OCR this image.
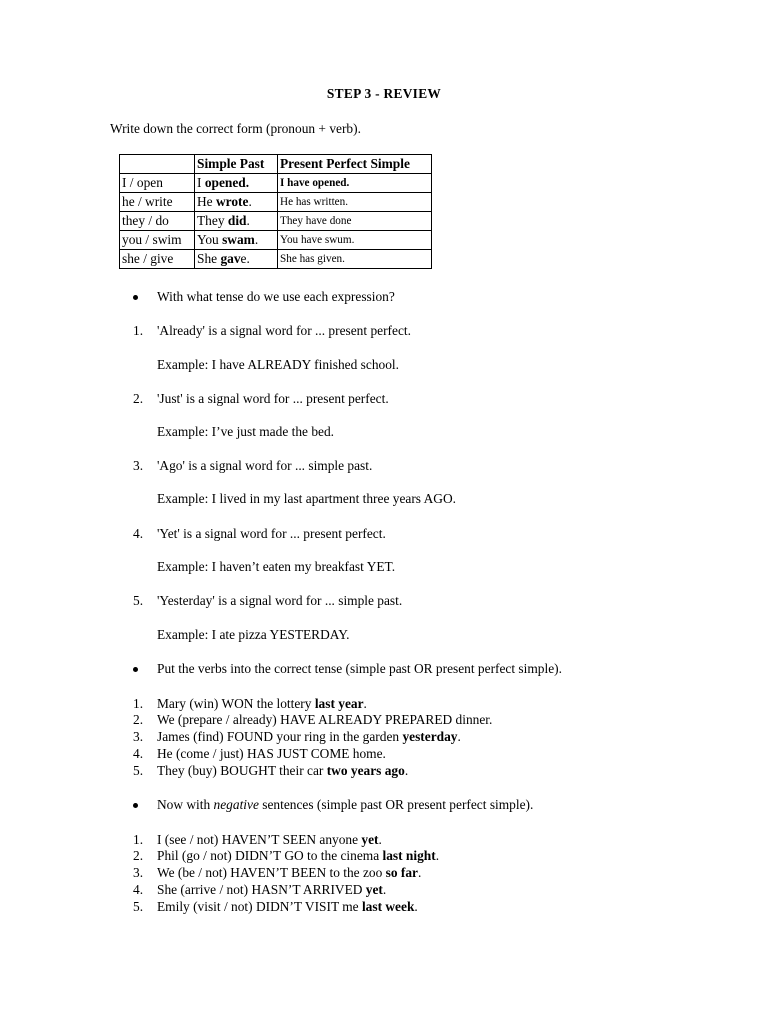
STEP 3 - REVIEW
Write down the correct form (pronoun + verb).
	Simple Past	Present Perfect Simple
I / open	I opened.	I have opened.
he / write	He wrote.	He has written.
they / do	They did.	They have done
you / swim	You swam.	You have swum.
she / give	She gave.	She has given.
With what tense do we use each expression?
1. 'Already' is a signal word for ... present perfect.
Example: I have ALREADY finished school.
2. 'Just' is a signal word for ... present perfect.
Example: I’ve just made the bed.
3. 'Ago' is a signal word for ... simple past.
Example: I lived in my last apartment three years AGO.
4. 'Yet' is a signal word for ... present perfect.
Example: I haven’t eaten my breakfast YET.
5. 'Yesterday' is a signal word for ... simple past.
Example: I ate pizza YESTERDAY.
Put the verbs into the correct tense (simple past OR present perfect simple).
1. Mary (win) WON the lottery last year.
2. We (prepare / already) HAVE ALREADY PREPARED dinner.
3. James (find) FOUND your ring in the garden yesterday.
4. He (come / just) HAS JUST COME home.
5. They (buy) BOUGHT their car two years ago.
Now with negative sentences (simple past OR present perfect simple).
1. I (see / not) HAVEN’T SEEN anyone yet.
2. Phil (go / not) DIDN’T GO to the cinema last night.
3. We (be / not) HAVEN’T BEEN to the zoo so far.
4. She (arrive / not) HASN’T ARRIVED yet.
5. Emily (visit / not) DIDN’T VISIT me last week.
